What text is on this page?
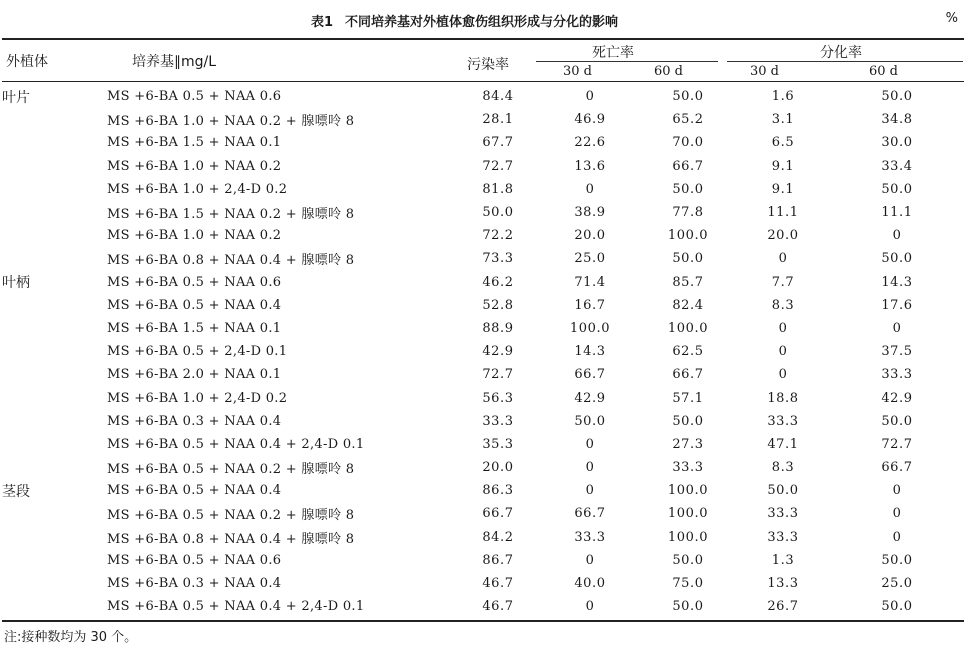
表1 不同培养基对外植体愈伤组织形成与分化的影响	%
外植体	培养基∥mg/L	污染率
死亡率	分化率
30 d	60 d	30 d	60 d
叶片	MS +6-BA 0.5 + NAA 0.6	84.4	0	50.0	1.6	50.0
	MS +6-BA 1.0 + NAA 0.2 + 腺嘌呤 8	28.1	46.9	65.2	3.1	34.8
	MS +6-BA 1.5 + NAA 0.1	67.7	22.6	70.0	6.5	30.0
	MS +6-BA 1.0 + NAA 0.2	72.7	13.6	66.7	9.1	33.4
	MS +6-BA 1.0 + 2,4-D 0.2	81.8	0	50.0	9.1	50.0
	MS +6-BA 1.5 + NAA 0.2 + 腺嘌呤 8	50.0	38.9	77.8	11.1	11.1
	MS +6-BA 1.0 + NAA 0.2	72.2	20.0	100.0	20.0	0
	MS +6-BA 0.8 + NAA 0.4 + 腺嘌呤 8	73.3	25.0	50.0	0	50.0
叶柄	MS +6-BA 0.5 + NAA 0.6	46.2	71.4	85.7	7.7	14.3
	MS +6-BA 0.5 + NAA 0.4	52.8	16.7	82.4	8.3	17.6
	MS +6-BA 1.5 + NAA 0.1	88.9	100.0	100.0	0	0
	MS +6-BA 0.5 + 2,4-D 0.1	42.9	14.3	62.5	0	37.5
	MS +6-BA 2.0 + NAA 0.1	72.7	66.7	66.7	0	33.3
	MS +6-BA 1.0 + 2,4-D 0.2	56.3	42.9	57.1	18.8	42.9
	MS +6-BA 0.3 + NAA 0.4	33.3	50.0	50.0	33.3	50.0
	MS +6-BA 0.5 + NAA 0.4 + 2,4-D 0.1	35.3	0	27.3	47.1	72.7
	MS +6-BA 0.5 + NAA 0.2 + 腺嘌呤 8	20.0	0	33.3	8.3	66.7
茎段	MS +6-BA 0.5 + NAA 0.4	86.3	0	100.0	50.0	0
	MS +6-BA 0.5 + NAA 0.2 + 腺嘌呤 8	66.7	66.7	100.0	33.3	0
	MS +6-BA 0.8 + NAA 0.4 + 腺嘌呤 8	84.2	33.3	100.0	33.3	0
	MS +6-BA 0.5 + NAA 0.6	86.7	0	50.0	1.3	50.0
	MS +6-BA 0.3 + NAA 0.4	46.7	40.0	75.0	13.3	25.0
	MS +6-BA 0.5 + NAA 0.4 + 2,4-D 0.1	46.7	0	50.0	26.7	50.0
注:接种数均为 30 个。
